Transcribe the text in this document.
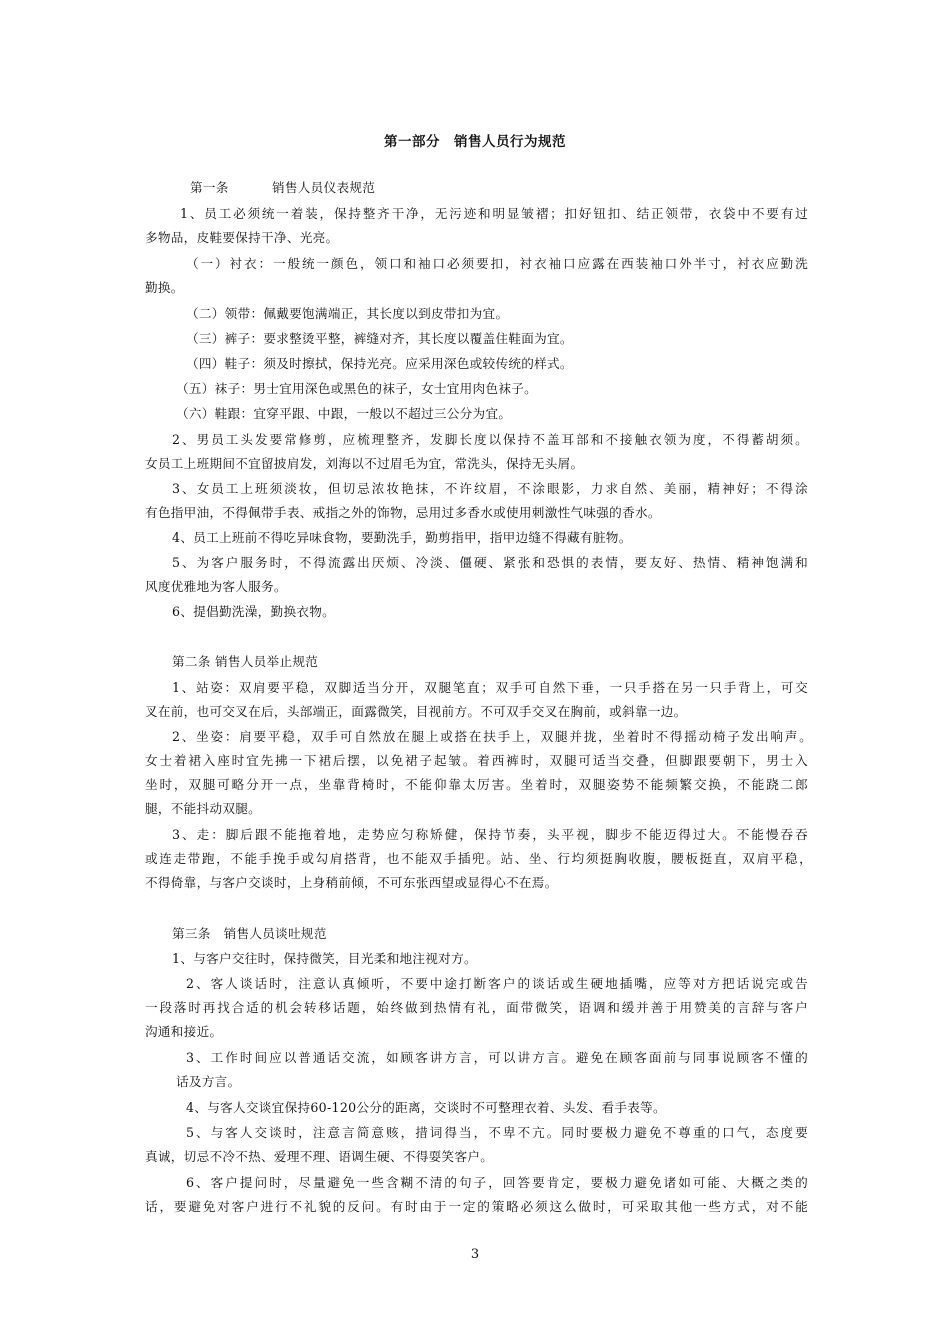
第一部分　销售人员行为规范
第一条	销售人员仪表规范
1、员工必须统一着装，保持整齐干净，无污迹和明显皱褶；扣好钮扣、结正领带，衣袋中不要有过
多物品，皮鞋要保持干净、光亮。
（一）衬衣：一般统一颜色，领口和袖口必须要扣，衬衣袖口应露在西装袖口外半寸，衬衣应勤洗
勤换。
（二）领带：佩戴要饱满端正，其长度以到皮带扣为宜。
（三）裤子：要求整烫平整，裤缝对齐，其长度以覆盖住鞋面为宜。
（四）鞋子：须及时擦拭，保持光亮。应采用深色或较传统的样式。
（五）袜子：男士宜用深色或黑色的袜子，女士宜用肉色袜子。
（六）鞋跟：宜穿平跟、中跟，一般以不超过三公分为宜。
2、男员工头发要常修剪，应梳理整齐，发脚长度以保持不盖耳部和不接触衣领为度，不得蓄胡须。
女员工上班期间不宜留披肩发，刘海以不过眉毛为宜，常洗头，保持无头屑。
3、女员工上班须淡妆，但切忌浓妆艳抹，不许纹眉，不涂眼影，力求自然、美丽，精神好；不得涂
有色指甲油，不得佩带手表、戒指之外的饰物，忌用过多香水或使用刺激性气味强的香水。
4、员工上班前不得吃异味食物，要勤洗手，勤剪指甲，指甲边缝不得藏有脏物。
5、为客户服务时，不得流露出厌烦、冷淡、僵硬、紧张和恐惧的表情，要友好、热情、精神饱满和
风度优雅地为客人服务。
6、提倡勤洗澡，勤换衣物。
第二条 销售人员举止规范
1、站姿：双肩要平稳，双脚适当分开，双腿笔直；双手可自然下垂，一只手搭在另一只手背上，可交
叉在前，也可交叉在后，头部端正，面露微笑，目视前方。不可双手交叉在胸前，或斜靠一边。
2、坐姿：肩要平稳，双手可自然放在腿上或搭在扶手上，双腿并拢，坐着时不得摇动椅子发出响声。
女士着裙入座时宜先拂一下裙后摆，以免裙子起皱。着西裤时，双腿可适当交叠，但脚跟要朝下，男士入
坐时，双腿可略分开一点，坐靠背椅时，不能仰靠太厉害。坐着时，双腿姿势不能频繁交换，不能跷二郎
腿，不能抖动双腿。
3、走：脚后跟不能拖着地，走势应匀称矫健，保持节奏，头平视，脚步不能迈得过大。不能慢吞吞
或连走带跑，不能手挽手或勾肩搭背，也不能双手插兜。站、坐、行均须挺胸收腹，腰板挺直，双肩平稳，
不得倚靠，与客户交谈时，上身稍前倾，不可东张西望或显得心不在焉。
第三条　销售人员谈吐规范
1、与客户交往时，保持微笑，目光柔和地注视对方。
2、客人谈话时，注意认真倾听，不要中途打断客户的谈话或生硬地插嘴，应等对方把话说完或告
一段落时再找合适的机会转移话题，始终做到热情有礼，面带微笑，语调和缓并善于用赞美的言辞与客户
沟通和接近。
3、工作时间应以普通话交流，如顾客讲方言，可以讲方言。避免在顾客面前与同事说顾客不懂的
话及方言。
4、与客人交谈宜保持60-120公分的距离，交谈时不可整理衣着、头发、看手表等。
5、与客人交谈时，注意言简意赅，措词得当，不卑不亢。同时要极力避免不尊重的口气，态度要
真诚，切忌不冷不热、爱理不理、语调生硬、不得耍笑客户。
6、客户提问时，尽量避免一些含糊不清的句子，回答要肯定，要极力避免诸如可能、大概之类的
话，要避免对客户进行不礼貌的反问。有时由于一定的策略必须这么做时，可采取其他一些方式，对不能
3
